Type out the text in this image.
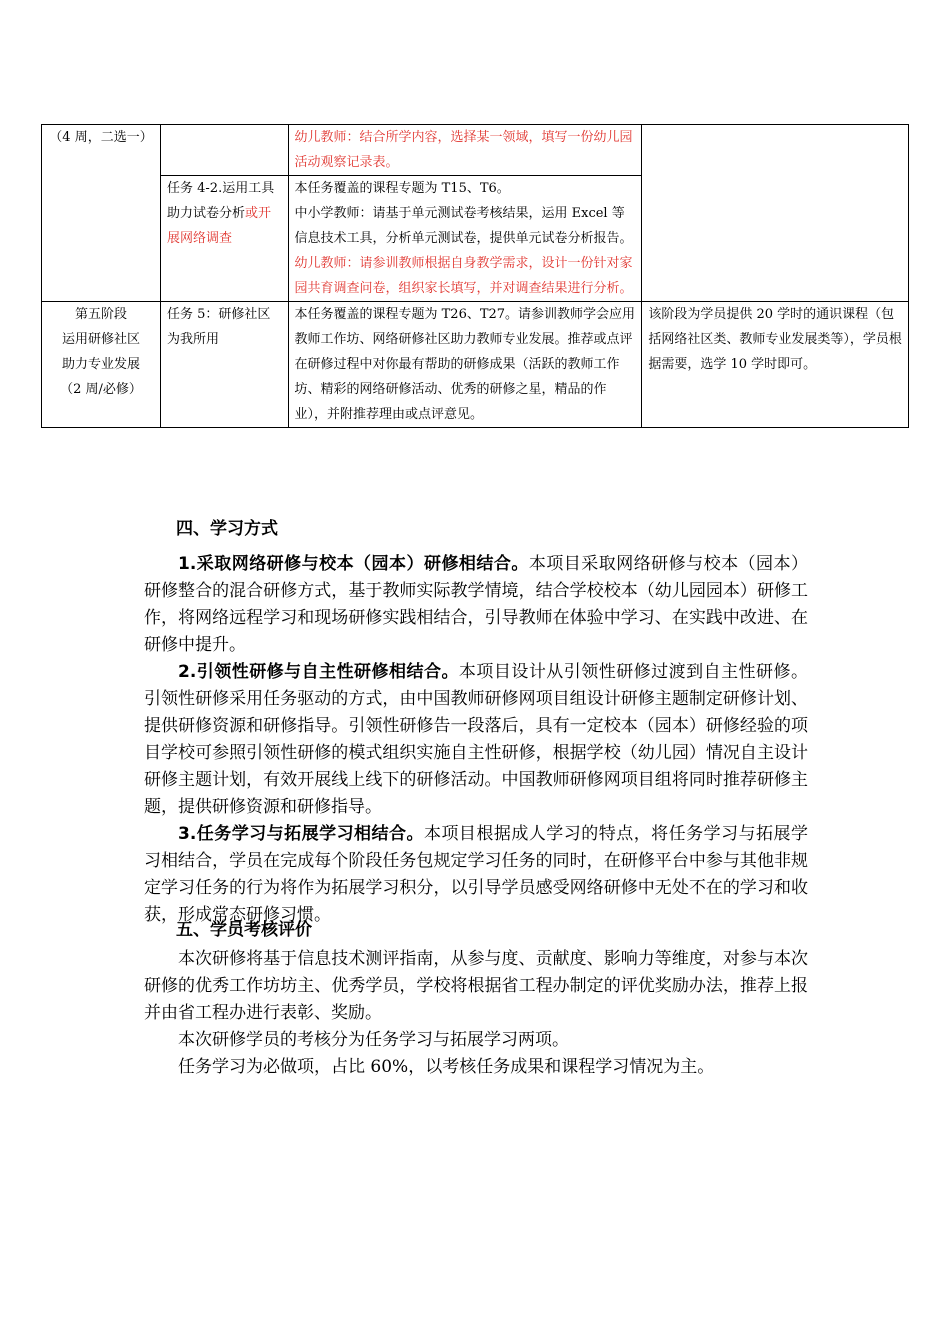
（4 周，二选一）		幼儿教师：结合所学内容，选择某一领域，填写一份幼儿园活动观察记录表。	
	任务 4-2.运用工具助力试卷分析或开展网络调查	本任务覆盖的课程专题为 T15、T6。
中小学教师：请基于单元测试卷考核结果，运用 Excel 等信息技术工具，分析单元测试卷，提供单元试卷分析报告。
幼儿教师：请参训教师根据自身教学需求，设计一份针对家园共育调查问卷，组织家长填写，并对调查结果进行分析。	

第五阶段
运用研修社区
助力专业发展
（2 周/必修）	任务 5：研修社区为我所用	本任务覆盖的课程专题为 T26、T27。请参训教师学会应用教师工作坊、网络研修社区助力教师专业发展。推荐或点评在研修过程中对你最有帮助的研修成果（活跃的教师工作坊、精彩的网络研修活动、优秀的研修之星，精品的作业），并附推荐理由或点评意见。	该阶段为学员提供 20 学时的通识课程（包括网络社区类、教师专业发展类等），学员根据需要，选学 10 学时即可。
四、学习方式

1.采取网络研修与校本（园本）研修相结合。本项目采取网络研修与校本（园本）研修整合的混合研修方式，基于教师实际教学情境，结合学校校本（幼儿园园本）研修工作，将网络远程学习和现场研修实践相结合，引导教师在体验中学习、在实践中改进、在研修中提升。

2.引领性研修与自主性研修相结合。本项目设计从引领性研修过渡到自主性研修。引领性研修采用任务驱动的方式，由中国教师研修网项目组设计研修主题制定研修计划、提供研修资源和研修指导。引领性研修告一段落后，具有一定校本（园本）研修经验的项目学校可参照引领性研修的模式组织实施自主性研修，根据学校（幼儿园）情况自主设计研修主题计划，有效开展线上线下的研修活动。中国教师研修网项目组将同时推荐研修主题，提供研修资源和研修指导。

3.任务学习与拓展学习相结合。本项目根据成人学习的特点，将任务学习与拓展学习相结合，学员在完成每个阶段任务包规定学习任务的同时，在研修平台中参与其他非规定学习任务的行为将作为拓展学习积分，以引导学员感受网络研修中无处不在的学习和收获，形成常态研修习惯。

五、学员考核评价

本次研修将基于信息技术测评指南，从参与度、贡献度、影响力等维度，对参与本次研修的优秀工作坊坊主、优秀学员，学校将根据省工程办制定的评优奖励办法，推荐上报并由省工程办进行表彰、奖励。

本次研修学员的考核分为任务学习与拓展学习两项。

任务学习为必做项，占比 60%，以考核任务成果和课程学习情况为主。
